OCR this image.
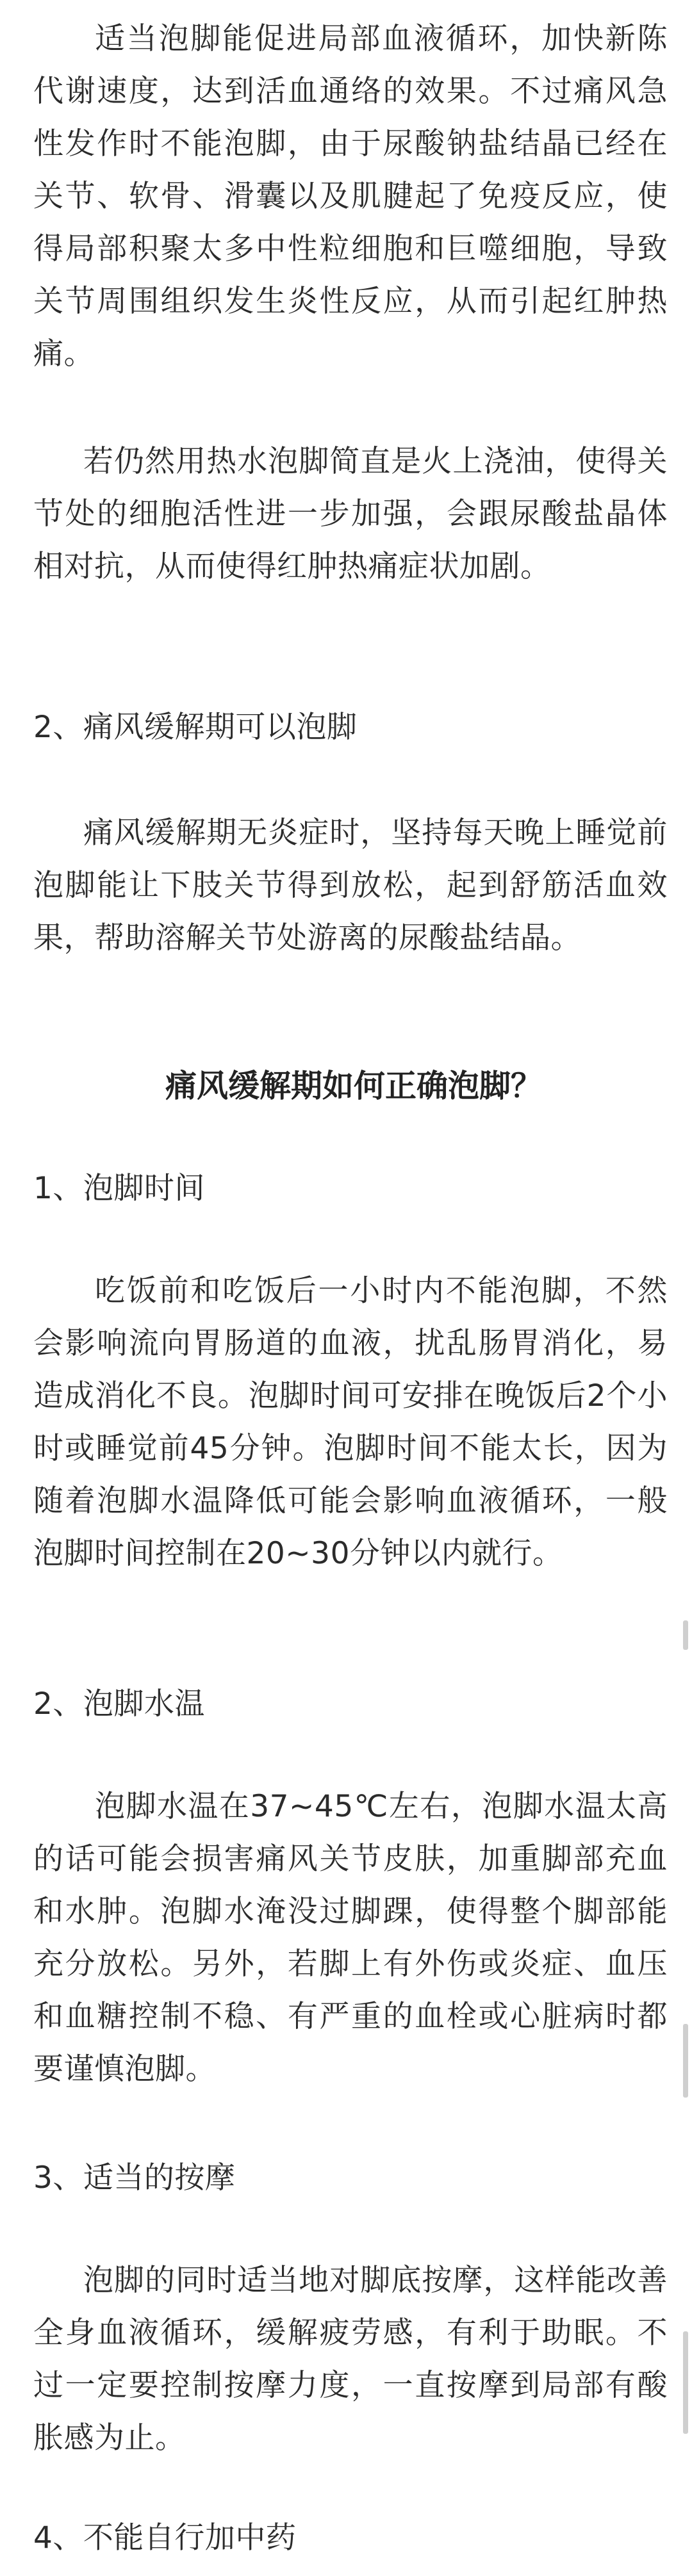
适当泡脚能促进局部血液循环，加快新陈代谢速度，达到活血通络的效果。不过痛风急性发作时不能泡脚，由于尿酸钠盐结晶已经在关节、软骨、滑囊以及肌腱起了免疫反应，使得局部积聚太多中性粒细胞和巨噬细胞，导致关节周围组织发生炎性反应，从而引起红肿热痛。

若仍然用热水泡脚简直是火上浇油，使得关节处的细胞活性进一步加强，会跟尿酸盐晶体相对抗，从而使得红肿热痛症状加剧。

2、痛风缓解期可以泡脚

痛风缓解期无炎症时，坚持每天晚上睡觉前泡脚能让下肢关节得到放松，起到舒筋活血效果，帮助溶解关节处游离的尿酸盐结晶。

痛风缓解期如何正确泡脚？
1、泡脚时间

吃饭前和吃饭后一小时内不能泡脚，不然会影响流向胃肠道的血液，扰乱肠胃消化，易造成消化不良。泡脚时间可安排在晚饭后2个小时或睡觉前45分钟。泡脚时间不能太长，因为随着泡脚水温降低可能会影响血液循环，一般泡脚时间控制在20~30分钟以内就行。

2、泡脚水温

泡脚水温在37~45℃左右，泡脚水温太高的话可能会损害痛风关节皮肤，加重脚部充血和水肿。泡脚水淹没过脚踝，使得整个脚部能充分放松。另外，若脚上有外伤或炎症、血压和血糖控制不稳、有严重的血栓或心脏病时都要谨慎泡脚。

3、适当的按摩

泡脚的同时适当地对脚底按摩，这样能改善全身血液循环，缓解疲劳感，有利于助眠。不过一定要控制按摩力度，一直按摩到局部有酸胀感为止。

4、不能自行加中药
